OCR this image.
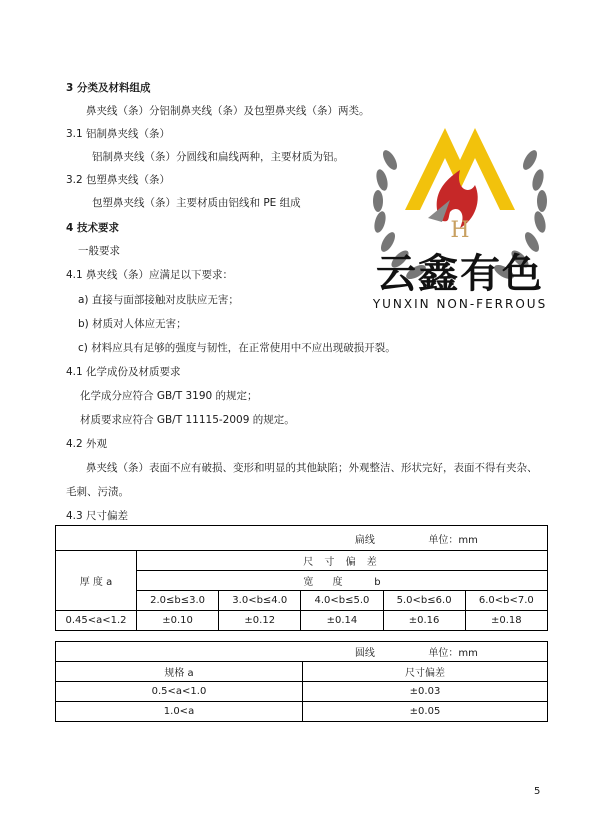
3 分类及材料组成
鼻夹线（条）分铝制鼻夹线（条）及包塑鼻夹线（条）两类。
3.1 铝制鼻夹线（条）
铝制鼻夹线（条）分圆线和扁线两种，主要材质为铝。
3.2 包塑鼻夹线（条）
包塑鼻夹线（条）主要材质由铝线和 PE 组成
4 技术要求
一般要求
4.1 鼻夹线（条）应满足以下要求：
a) 直接与面部接触对皮肤应无害；
b) 材质对人体应无害；
c) 材料应具有足够的强度与韧性，在正常使用中不应出现破损开裂。
4.1 化学成份及材质要求
化学成分应符合 GB/T 3190 的规定；
材质要求应符合 GB/T 11115-2009 的规定。
4.2 外观
鼻夹线（条）表面不应有破损、变形和明显的其他缺陷；外观整洁、形状完好，表面不得有夹杂、
毛刺、污渍。
4.3 尺寸偏差
H
云鑫有色
YUNXIN NON-FERROUS
扁线 单位：mm					
厚 度 a	尺 寸 偏 差				
	宽      度          b				
	2.0≤b≤3.0	3.0<b≤4.0	4.0<b≤5.0	5.0<b≤6.0	6.0<b<7.0
0.45<a<1.2	±0.10	±0.12	±0.14	±0.16	±0.18
圆线 单位：mm	
规格 a	尺寸偏差
0.5<a<1.0	±0.03
1.0<a	±0.05
5
